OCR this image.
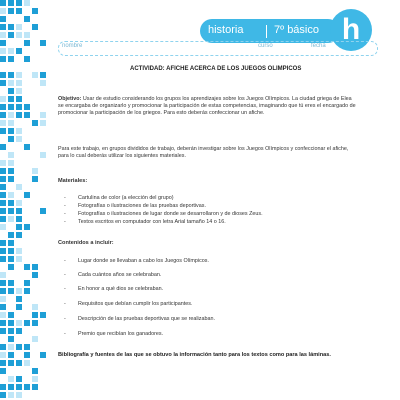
historia	7º básico h
nombre	curso	fecha
ACTIVIDAD: AFICHE ACERCA DE LOS JUEGOS OLIMPICOS
Objetivo: Usar de estudio considerando los grupos los aprendizajes sobre los Juegos Olímpicos. La ciudad griega de Elea se encargaba de organizarlo y promocionar la participación de estas competencias, imaginando que tú eres el encargado de promocionar la participación de los griegos. Para esto deberás confeccionar un afiche.
Para este trabajo, en grupos divididos de trabajo, deberán investigar sobre los Juegos Olímpicos y confeccionar el afiche, para lo cual deberás utilizar los siguientes materiales.
Materiales:
- Cartulina de color (a elección del grupo)
- Fotografías o ilustraciones de las pruebas deportivas.
- Fotografías o ilustraciones de lugar donde se desarrollaron y de dioses Zeus.
- Textos escritos en computador con letra Arial tamaño 14 o 16.
Contenidos a incluir:
- Lugar donde se llevaban a cabo los Juegos Olímpicos.
- Cada cuántos años se celebraban.
- En honor a qué dios se celebraban.
- Requisitos que debían cumplir los participantes.
- Descripción de las pruebas deportivas que se realizaban.
- Premio que recibían los ganadores.
Bibliografía y fuentes de las que se obtuvo la información tanto para los textos como para las láminas.
